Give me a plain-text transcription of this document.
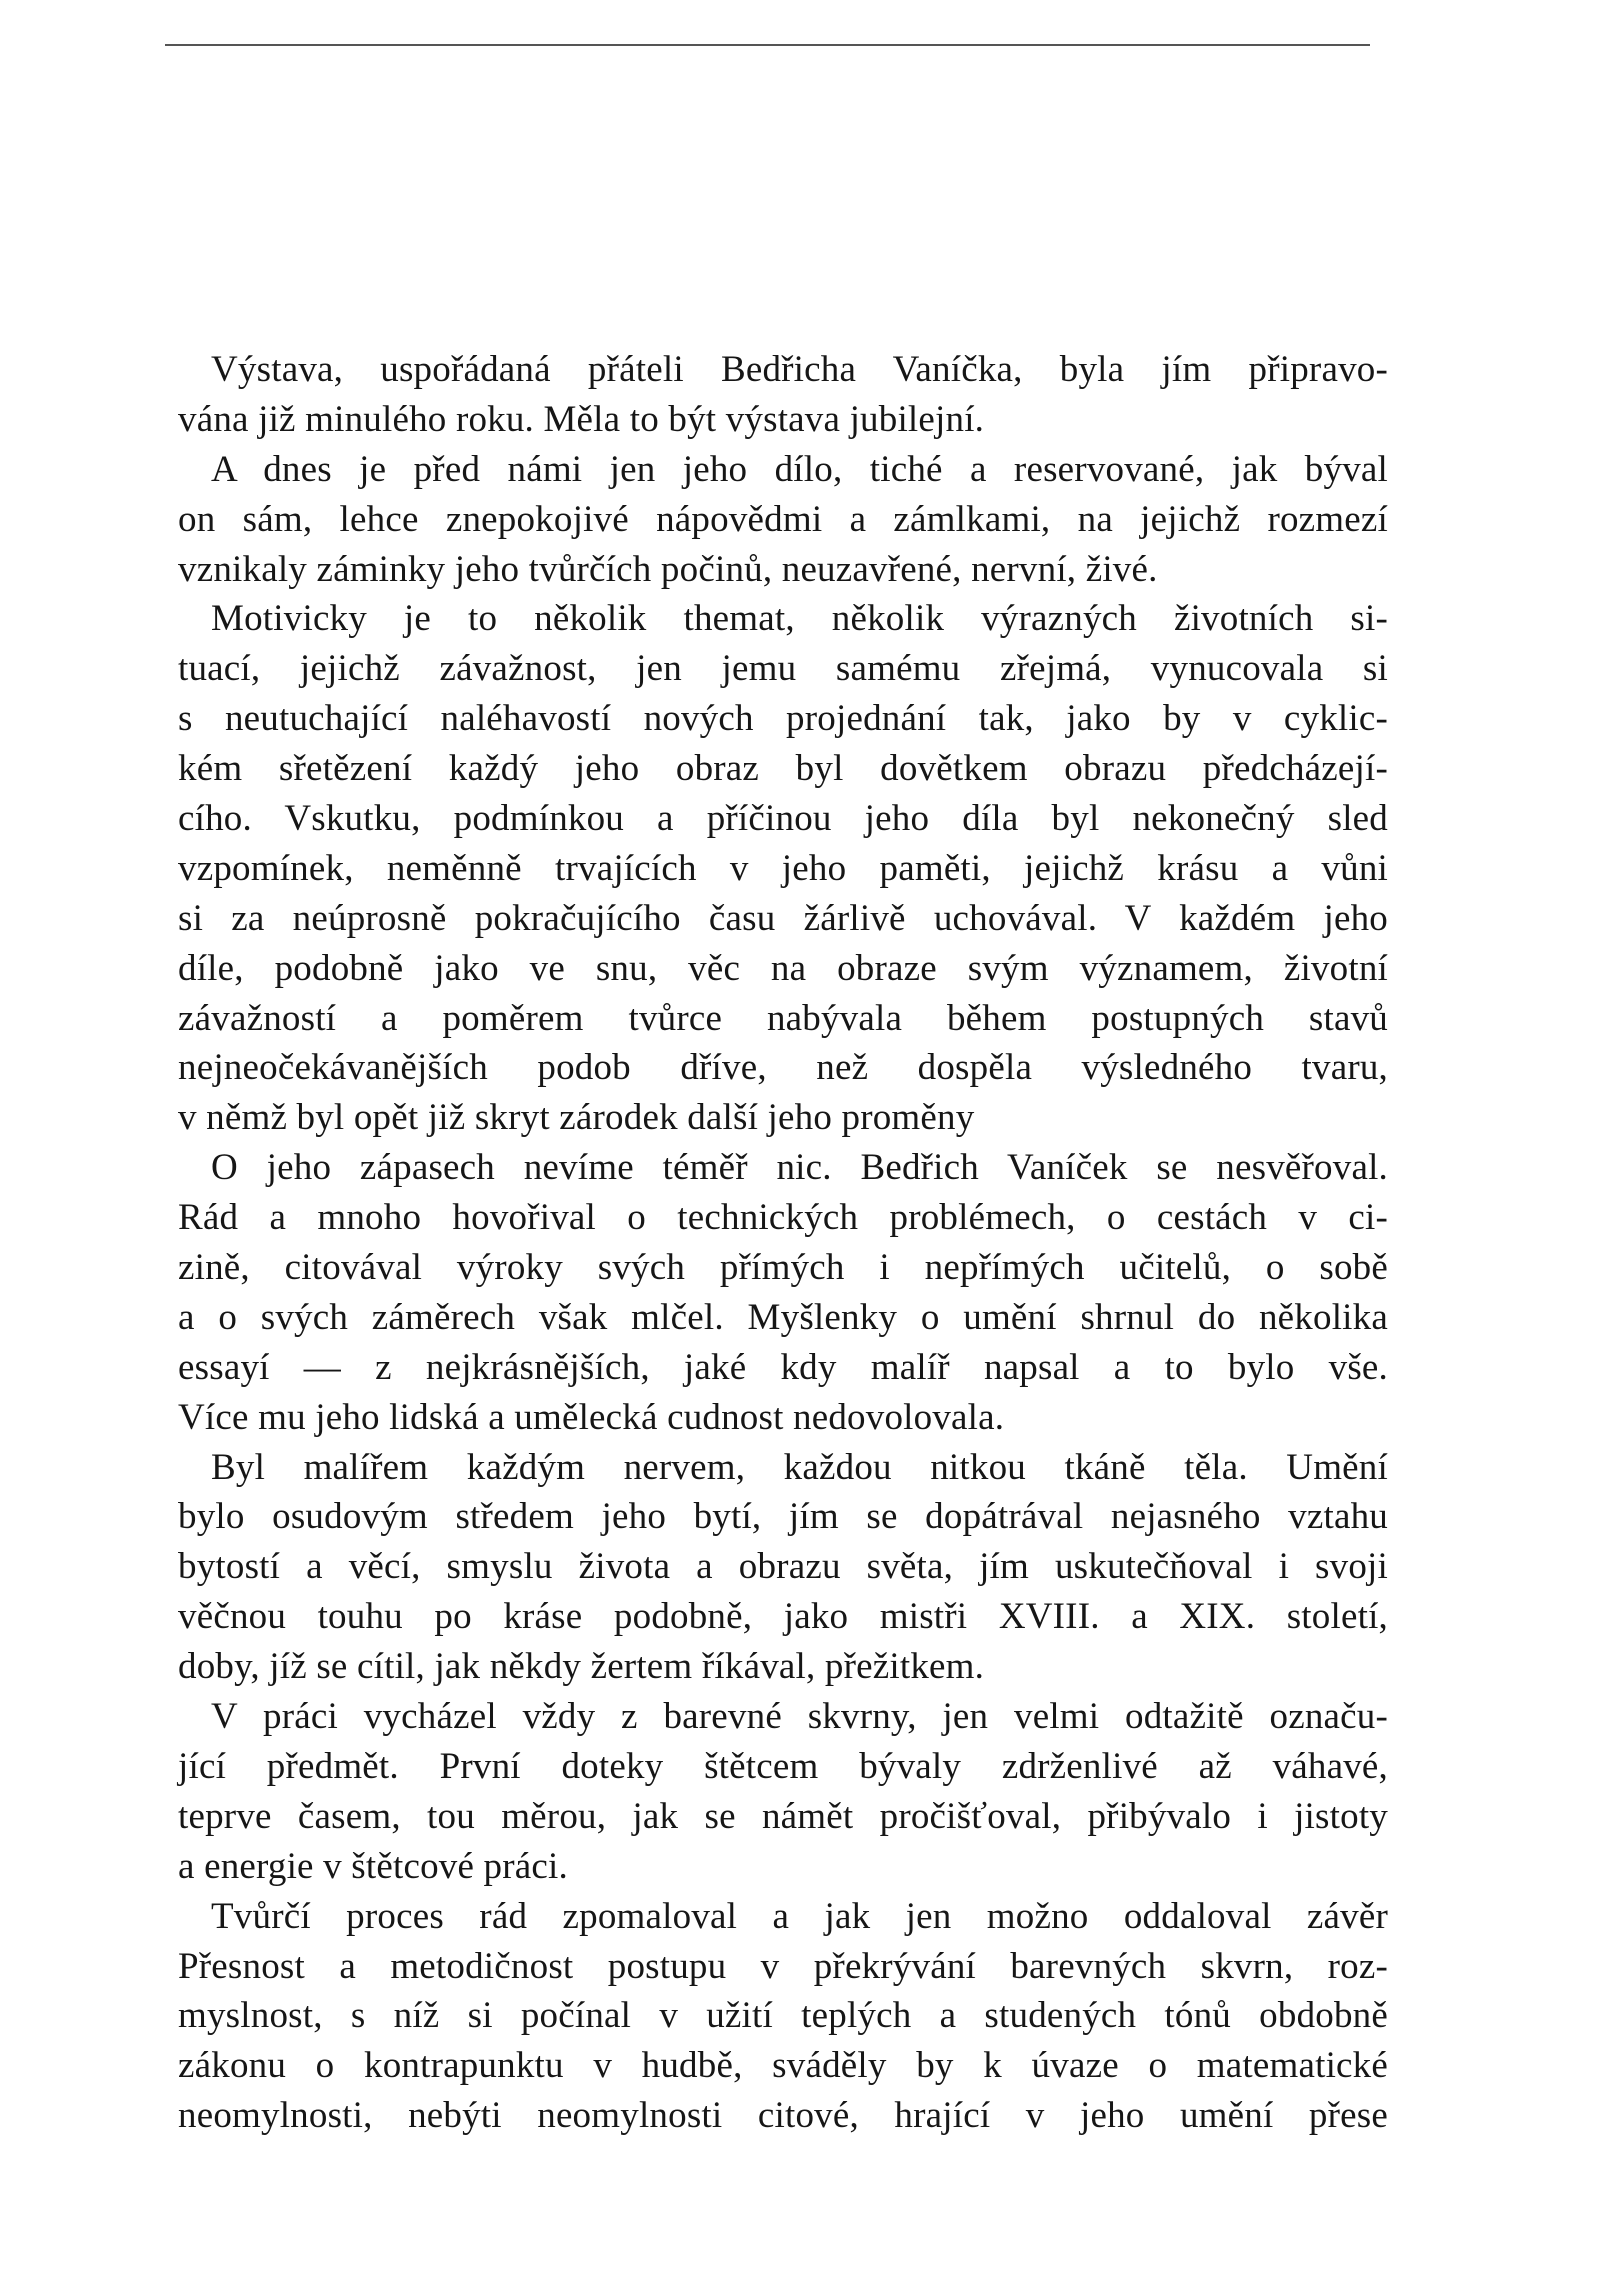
Výstava, uspořádaná přáteli Bedřicha Vaníčka, byla jím připravo-
vána již minulého roku. Měla to být výstava jubilejní.
A dnes je před námi jen jeho dílo, tiché a reservované, jak býval
on sám, lehce znepokojivé nápovědmi a zámlkami, na jejichž rozmezí
vznikaly záminky jeho tvůrčích počinů, neuzavřené, nervní, živé.
Motivicky je to několik themat, několik výrazných životních si-
tuací, jejichž závažnost, jen jemu samému zřejmá, vynucovala si
s neutuchající naléhavostí nových projednání tak, jako by v cyklic-
kém sřetězení každý jeho obraz byl dovětkem obrazu předcházejí-
cího. Vskutku, podmínkou a příčinou jeho díla byl nekonečný sled
vzpomínek, neměnně trvajících v jeho paměti, jejichž krásu a vůni
si za neúprosně pokračujícího času žárlivě uchovával. V každém jeho
díle, podobně jako ve snu, věc na obraze svým významem, životní
závažností a poměrem tvůrce nabývala během postupných stavů
nejneočekávanějších podob dříve, než dospěla výsledného tvaru,
v němž byl opět již skryt zárodek další jeho proměny
O jeho zápasech nevíme téměř nic. Bedřich Vaníček se nesvěřoval.
Rád a mnoho hovořival o technických problémech, o cestách v ci-
zině, citovával výroky svých přímých i nepřímých učitelů, o sobě
a o svých záměrech však mlčel. Myšlenky o umění shrnul do několika
essayí — z nejkrásnějších, jaké kdy malíř napsal a to bylo vše.
Více mu jeho lidská a umělecká cudnost nedovolovala.
Byl malířem každým nervem, každou nitkou tkáně těla. Umění
bylo osudovým středem jeho bytí, jím se dopátrával nejasného vztahu
bytostí a věcí, smyslu života a obrazu světa, jím uskutečňoval i svoji
věčnou touhu po kráse podobně, jako mistři XVIII. a XIX. století,
doby, jíž se cítil, jak někdy žertem říkával, přežitkem.
V práci vycházel vždy z barevné skvrny, jen velmi odtažitě označu-
jící předmět. První doteky štětcem bývaly zdrženlivé až váhavé,
teprve časem, tou měrou, jak se námět pročišťoval, přibývalo i jistoty
a energie v štětcové práci.
Tvůrčí proces rád zpomaloval a jak jen možno oddaloval závěr
Přesnost a metodičnost postupu v překrývání barevných skvrn, roz-
myslnost, s níž si počínal v užití teplých a studených tónů obdobně
zákonu o kontrapunktu v hudbě, sváděly by k úvaze o matematické
neomylnosti, nebýti neomylnosti citové, hrající v jeho umění přese
